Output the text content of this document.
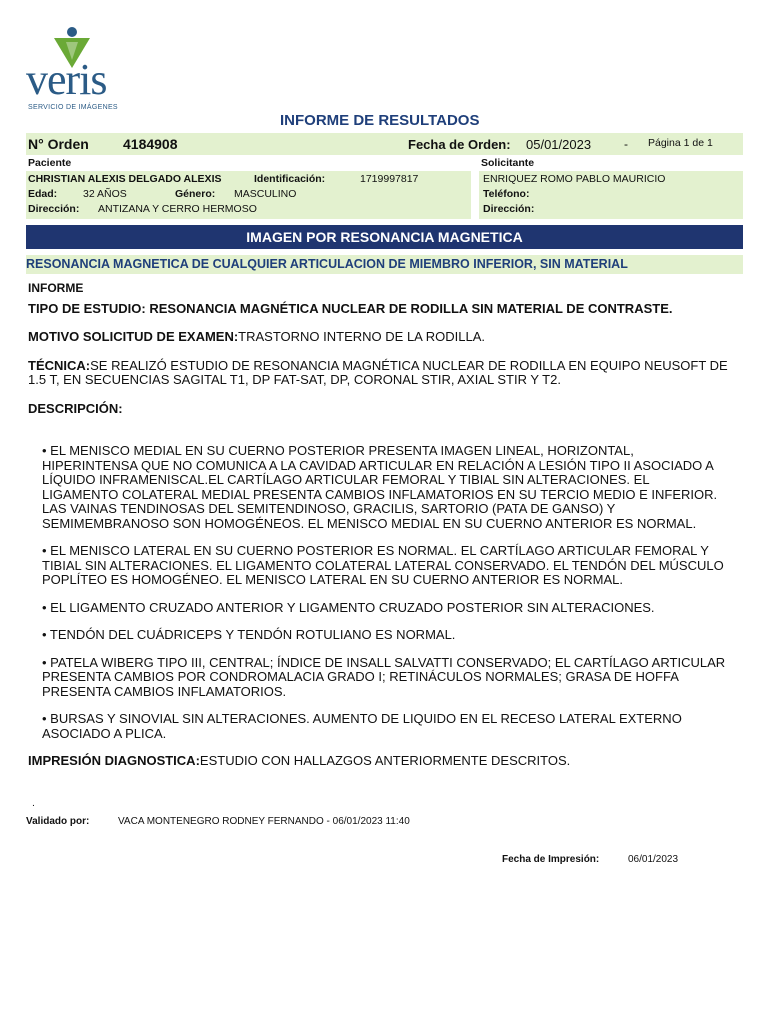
veris
SERVICIO DE IMÁGENES
INFORME DE RESULTADOS
N° Orden 4184908	Fecha de Orden: 05/01/2023	- Página 1 de 1
Paciente	Solicitante
CHRISTIAN ALEXIS DELGADO ALEXIS	Identificación:	1719997817
Edad: 32 AÑOS	Género: MASCULINO
Dirección: ANTIZANA Y CERRO HERMOSO
ENRIQUEZ ROMO PABLO MAURICIO
Teléfono:
Dirección:
IMAGEN POR RESONANCIA MAGNETICA
RESONANCIA MAGNETICA DE CUALQUIER ARTICULACION DE MIEMBRO INFERIOR, SIN MATERIAL

INFORME

TIPO DE ESTUDIO: RESONANCIA MAGNÉTICA NUCLEAR DE RODILLA SIN MATERIAL DE CONTRASTE.

MOTIVO SOLICITUD DE EXAMEN:TRASTORNO INTERNO DE LA RODILLA.

TÉCNICA:SE REALIZÓ ESTUDIO DE RESONANCIA MAGNÉTICA NUCLEAR DE RODILLA EN EQUIPO NEUSOFT DE 1.5 T, EN SECUENCIAS SAGITAL T1, DP FAT-SAT, DP, CORONAL STIR, AXIAL STIR Y T2.

DESCRIPCIÓN:

• EL MENISCO MEDIAL EN SU CUERNO POSTERIOR PRESENTA IMAGEN LINEAL, HORIZONTAL, HIPERINTENSA QUE NO COMUNICA A LA CAVIDAD ARTICULAR EN RELACIÓN A LESIÓN TIPO II ASOCIADO A LÍQUIDO INFRAMENISCAL.EL CARTÍLAGO ARTICULAR FEMORAL Y TIBIAL SIN ALTERACIONES. EL LIGAMENTO COLATERAL MEDIAL PRESENTA CAMBIOS INFLAMATORIOS EN SU TERCIO MEDIO E INFERIOR. LAS VAINAS TENDINOSAS DEL SEMITENDINOSO, GRACILIS, SARTORIO (PATA DE GANSO) Y SEMIMEMBRANOSO SON HOMOGÉNEOS. EL MENISCO MEDIAL EN SU CUERNO ANTERIOR ES NORMAL.

• EL MENISCO LATERAL EN SU CUERNO POSTERIOR ES NORMAL. EL CARTÍLAGO ARTICULAR FEMORAL Y TIBIAL SIN ALTERACIONES. EL LIGAMENTO COLATERAL LATERAL CONSERVADO. EL TENDÓN DEL MÚSCULO POPLÍTEO ES HOMOGÉNEO. EL MENISCO LATERAL EN SU CUERNO ANTERIOR ES NORMAL.

• EL LIGAMENTO CRUZADO ANTERIOR Y LIGAMENTO CRUZADO POSTERIOR SIN ALTERACIONES.

• TENDÓN DEL CUÁDRICEPS Y TENDÓN ROTULIANO ES NORMAL.

• PATELA WIBERG TIPO III, CENTRAL; ÍNDICE DE INSALL SALVATTI CONSERVADO; EL CARTÍLAGO ARTICULAR PRESENTA CAMBIOS POR CONDROMALACIA GRADO I; RETINÁCULOS NORMALES; GRASA DE HOFFA PRESENTA CAMBIOS INFLAMATORIOS.

• BURSAS Y SINOVIAL SIN ALTERACIONES. AUMENTO DE LIQUIDO EN EL RECESO LATERAL EXTERNO ASOCIADO A PLICA.

IMPRESIÓN DIAGNOSTICA:ESTUDIO CON HALLAZGOS ANTERIORMENTE DESCRITOS.

.
Validado por:	VACA MONTENEGRO RODNEY FERNANDO - 06/01/2023 11:40
Fecha de Impresión:	06/01/2023
